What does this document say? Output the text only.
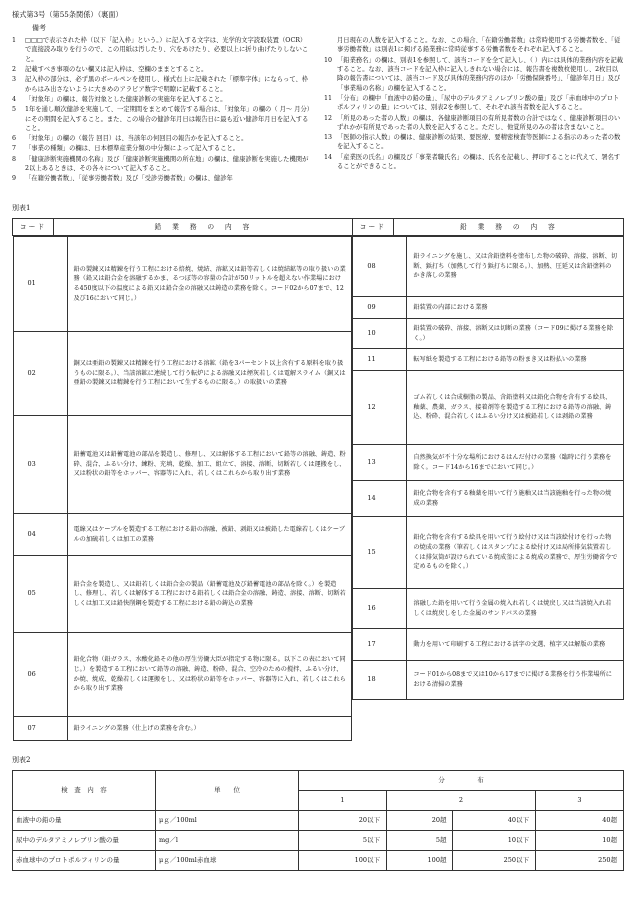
様式第3号（第55条関係）（裏面）
備考
1	□□□で表示された枠（以下「記入枠」という。）に記入する文字は、光学的文字読取装置（OCR）で直接読み取りを行うので、この用紙は汚したり、穴をあけたり、必要以上に折り曲げたりしないこと。
2	記載すべき事項のない欄又は記入枠は、空欄のままとすること。
3	記入枠の部分は、必ず黒のボールペンを使用し、様式右上に記載された「標準字体」にならって、枠からはみ出さないように大きめのアラビア数字で明瞭に記載すること。
4	「対象年」の欄は、報告対象とした健康診断の実施年を記入すること。
5	1年を通し順次健診を実施して、一定期間をまとめて報告する場合は、「対象年」の欄の（ 月～ 月分）にその期間を記入すること。また、この場合の健診年月日は報告日に最も近い健診年月日を記入すること。
6	「対象年」の欄の（報告 回目）は、当該年の何回目の報告かを記入すること。
7	「事業の種類」の欄は、日本標準産業分類の中分類によって記入すること。
8	「健康診断実施機関の名称」及び「健康診断実施機関の所在地」の欄は、健康診断を実施した機関が2以上あるときは、その各々について記入すること。
9	「在籍労働者数」、「従事労働者数」及び「受診労働者数」の欄は、健診年
月日現在の人数を記入すること。なお、この場合、「在籍労働者数」は常時使用する労働者数を、「従事労働者数」は別表1に掲げる鉛業務に常時従事する労働者数をそれぞれ記入すること。
10 「鉛業務名」の欄は、別表1を参照して、該当コードを全て記入し、（ ）内には具体的業務内容を記載すること。なお、該当コードを記入枠に記入しきれない場合には、報告書を複数枚使用し、2枚目以降の報告書については、該当コード及び具体的業務内容のほか「労働保険番号」、「健診年月日」及び「事業場の名称」の欄を記入すること。
11 「分布」の欄中「血液中の鉛の量」、「尿中のデルタアミノレブリン酸の量」及び「赤血球中のプロトポルフィリンの量」については、別表2を参照して、それぞれ該当者数を記入すること。
12 「所見のあった者の人数」の欄は、各健康診断項目の有所見者数の合計ではなく、健康診断項目のいずれかが有所見であった者の人数を記入すること。ただし、他覚所見のみの者は含まないこと。
13 「医師の指示人数」の欄は、健康診断の結果、要医療、要精密検査等医師による指示のあった者の数を記入すること。
14 「産業医の氏名」の欄及び「事業者職氏名」の欄は、氏名を記載し、押印することに代えて、署名することができること。
別表1
コード	鉛　業　務　の　内　容	コード	鉛　業　務　の　内　容

01	鉛の製錬又は精錬を行う工程における焙焼、焼結、溶鉱又は鉛等若しくは焼結鉱等の取り扱いの業務（鉛又は鉛合金を溶融するかま、るつぼ等の容量の合計が50リットルを超えない作業場における450度以下の温度による鉛又は鉛合金の溶融又は鋳造の業務を除く。コード02から07まで、12及び16において同じ。）
02	銅又は亜鉛の製錬又は精錬を行う工程における溶鉱（鉛を3パーセント以上含有する原料を取り扱うものに限る。）、当該溶鉱に連続して行う転炉による溶融又は煙灰若しくは電解スライム（銅又は亜鉛の製錬又は精錬を行う工程において生ずるものに限る。）の取扱いの業務
03	鉛蓄電池又は鉛蓄電池の部品を製造し、修理し、又は解体する工程において鉛等の溶融、鋳造、粉砕、混合、ふるい分け、練粉、充填、乾燥、加工、組立て、溶接、溶断、切断若しくは運搬をし、又は粉状の鉛等をホッパー、容器等に入れ、若しくはこれらから取り出す業務
04	電線又はケーブルを製造する工程における鉛の溶融、被鉛、剥鉛又は被鉛した電線若しくはケーブルの加硫若しくは加工の業務
05	鉛合金を製造し、又は鉛若しくは鉛合金の製品（鉛蓄電池及び鉛蓄電池の部品を除く。）を製造し、修理し、若しくは解体する工程における鉛若しくは鉛合金の溶融、鋳造、溶接、溶断、切断若しくは加工又は鉛快削鋼を製造する工程における鉛の鋳込の業務
06	鉛化合物（鉛ガラス、水酸化鉛その他の厚生労働大臣が指定する物に限る。以下この表において同じ。）を製造する工程において鉛等の溶融、鋳造、粉砕、混合、空冷のための撹拌、ふるい分け、か焼、焼成、乾燥若しくは運搬をし、又は粉状の鉛等をホッパー、容器等に入れ、若しくはこれらから取り出す業務
07	鉛ライニングの業務（仕上げの業務を含む。）

08	鉛ライニングを施し、又は含鉛塗料を塗布した物の破砕、溶接、溶断、切断、鋲打ち（加熱して行う鋲打ちに限る。）、加熱、圧延又は含鉛塗料のかき落しの業務
09	鉛装置の内部における業務
10	鉛装置の破砕、溶接、溶断又は切断の業務（コード09に掲げる業務を除く。）
11	転写紙を製造する工程における鉛等の粉まき又は粉払いの業務
12	ゴム若しくは合成樹脂の製品、含鉛塗料又は鉛化合物を含有する絵具、釉薬、農薬、ガラス、接着剤等を製造する工程における鉛等の溶融、鋳込、粉砕、混合若しくはふるい分け又は被鉛若しくは剥鉛の業務
13	自然換気が不十分な場所におけるはんだ付けの業務（臨時に行う業務を除く。コード14から16までにおいて同じ。）
14	鉛化合物を含有する釉薬を用いて行う施釉又は当該施釉を行った物の焼成の業務
15	鉛化合物を含有する絵具を用いて行う絵付け又は当該絵付けを行った物の焼成の業務（筆若しくはスタンプによる絵付け又は局所排気装置若しくは排気筒が設けられている焼成釜による焼成の業務で、厚生労働省令で定めるものを除く。）
16	溶融した鉛を用いて行う金属の焼入れ若しくは焼戻し又は当該焼入れ若しくは焼戻しをした金属のサンドバスの業務
17	動力を用いて印刷する工程における活字の文選、植字又は解版の業務
18	コード01から08まで又は10から17までに掲げる業務を行う作業場所における清掃の業務
別表2
検　査　内　容	単　　位	分　　　　　布			
		1	2		3
血液中の鉛の量	μｇ／100ml	20以下	20超	40以下	40超
尿中のデルタアミノレブリン酸の量	mg／l	5以下	5超	10以下	10超
赤血球中のプロトポルフィリンの量	μｇ／100ml赤血球	100以下	100超	250以下	250超
